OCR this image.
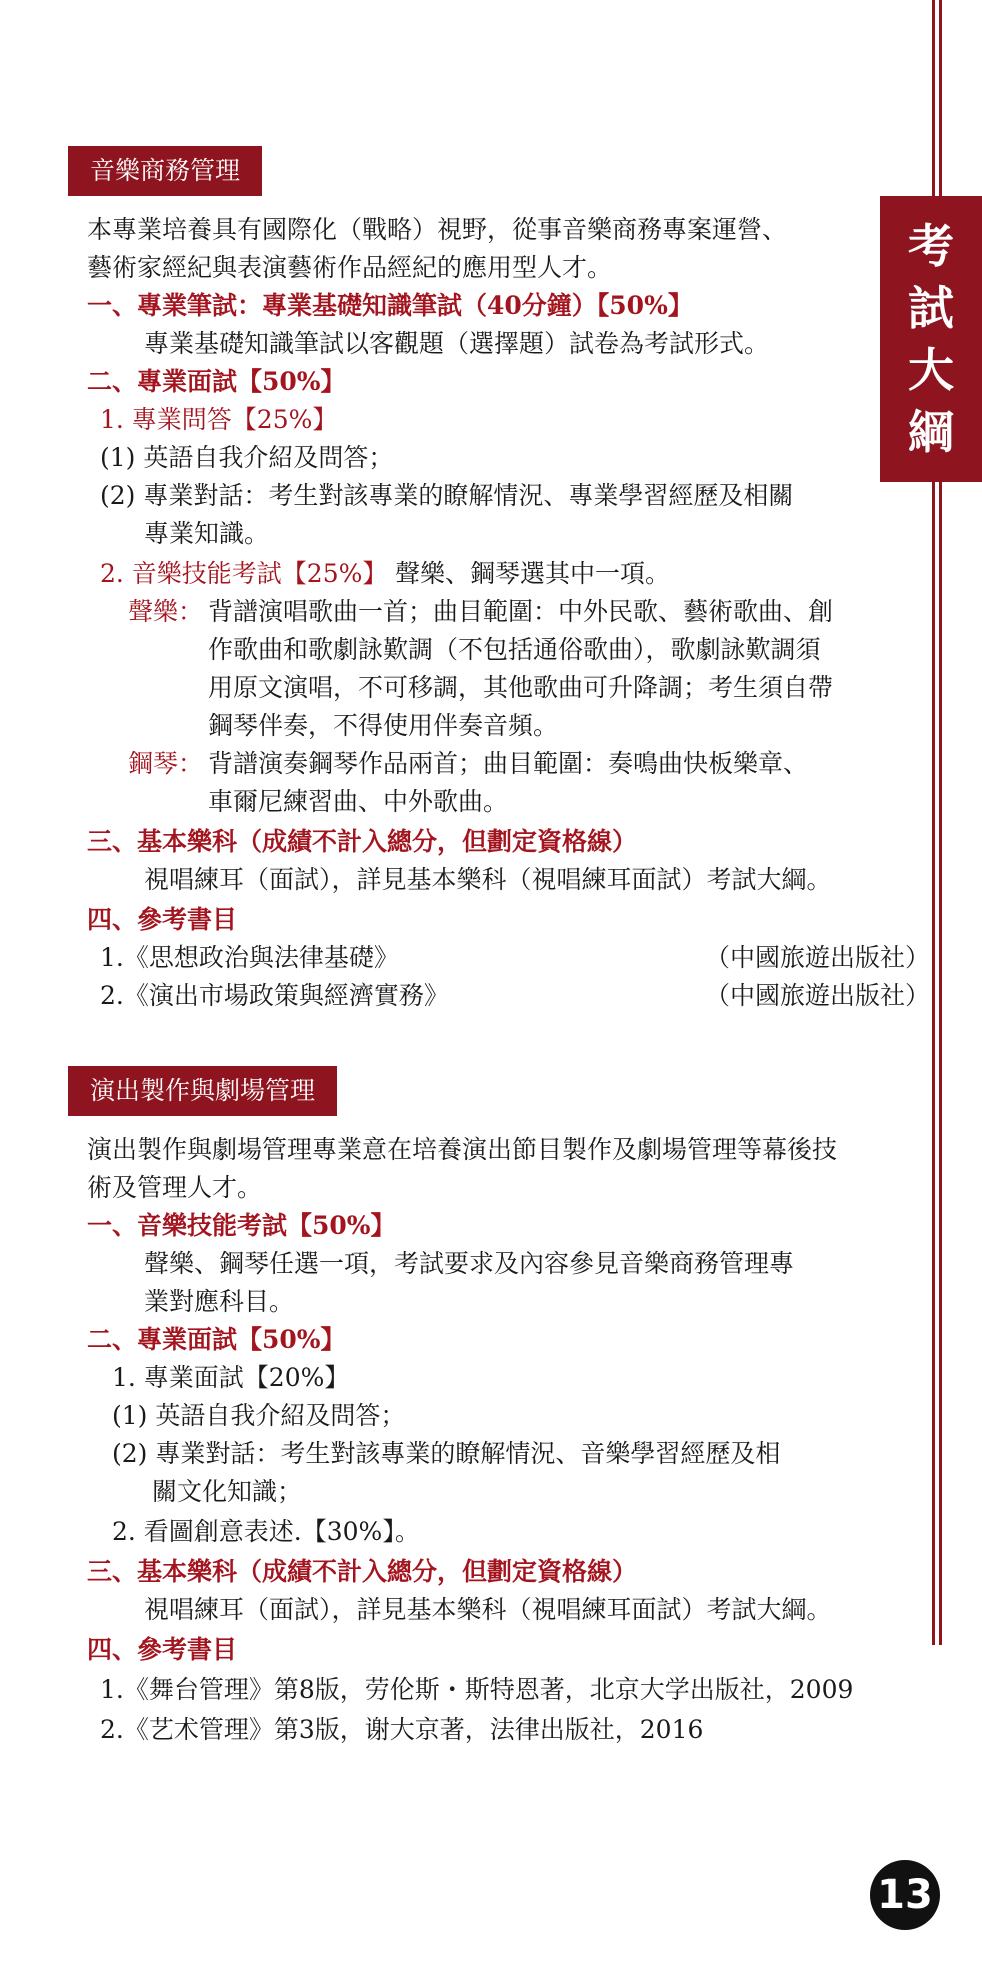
考
試
大
綱
音樂商務管理
本專業培養具有國際化（戰略）視野，從事音樂商務專案運營、
藝術家經紀與表演藝術作品經紀的應用型人才。
一、專業筆試：專業基礎知識筆試（40分鐘）【50%】
專業基礎知識筆試以客觀題（選擇題）試卷為考試形式。
二、專業面試【50%】
1. 專業問答【25%】
(1) 英語自我介紹及問答；
(2) 專業對話：考生對該專業的瞭解情況、專業學習經歷及相關
專業知識。
2. 音樂技能考試【25%】 聲樂、鋼琴選其中一項。
聲樂： 背譜演唱歌曲一首；曲目範圍：中外民歌、藝術歌曲、創
作歌曲和歌劇詠歎調（不包括通俗歌曲），歌劇詠歎調須
用原文演唱，不可移調，其他歌曲可升降調；考生須自帶
鋼琴伴奏，不得使用伴奏音頻。
鋼琴： 背譜演奏鋼琴作品兩首；曲目範圍：奏鳴曲快板樂章、
車爾尼練習曲、中外歌曲。
三、基本樂科（成績不計入總分，但劃定資格線）
視唱練耳（面試），詳見基本樂科（視唱練耳面試）考試大綱。
四、參考書目
1.《思想政治與法律基礎》	（中國旅遊出版社）
2.《演出市場政策與經濟實務》	（中國旅遊出版社）
演出製作與劇場管理
演出製作與劇場管理專業意在培養演出節目製作及劇場管理等幕後技
術及管理人才。
一、音樂技能考試【50%】
聲樂、鋼琴任選一項，考試要求及內容參見音樂商務管理專
業對應科目。
二、專業面試【50%】
1. 專業面試【20%】
(1) 英語自我介紹及問答；
(2) 專業對話：考生對該專業的瞭解情況、音樂學習經歷及相
關文化知識；
2. 看圖創意表述.【30%】。
三、基本樂科（成績不計入總分，但劃定資格線）
視唱練耳（面試），詳見基本樂科（視唱練耳面試）考試大綱。
四、參考書目
1.《舞台管理》第8版，劳伦斯・斯特恩著，北京大学出版社，2009
2.《艺术管理》第3版，谢大京著，法律出版社，2016
13
